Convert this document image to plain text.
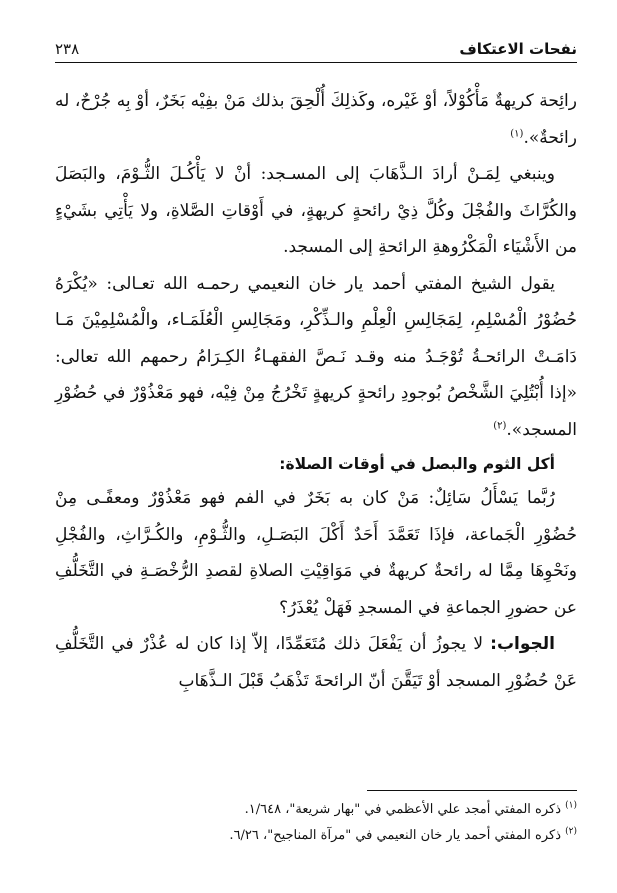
نفحات الاعتكاف
٢٣٨

رائِحة كريهةٌ مَأْكُوْلاً، أوْ غَيْره، وكَذلِكَ أُلْحِقَ بذلك مَنْ بفِيْه بَخَرٌ، أوْ بِه جُرْحٌ، له رائحةٌ».$^{(١)}$

وينبغي لِمَـنْ أرادَ الـذَّهَابَ إلى المسـجد: أنْ لا يَأْكُـلَ الثُّـوْمَ، والبَصَلَ والكُرَّاثَ والفُجْلَ وكُلَّ ذِيْ رائحةٍ كريهةٍ، في أَوْقاتِ الصَّلاةِ، ولا يَأْتِي بشَيْءٍ من الأَشْيَاء الْمَكْرُوهةِ الرائحةِ إلى المسجد.

يقول الشيخ المفتي أحمد يار خان النعيمي رحمـه الله تعـالى: «يُكْرَهُ حُضُوْرُ الْمُسْلِمِ، لِمَجَالِسِ الْعِلْمِ والـذِّكْرِ، ومَجَالِسِ الْعُلَمَـاء، والْمُسْلِمِيْنَ مَـا دَامَـتْ الرائحـةُ تُوْجَـدُ منه وقـد نَـصَّ الفقهـاءُ الكِـرَامُ رحمهم الله تعالى: «إذا أُبْتُلِيَ الشَّخْصُ بُوجودِ رائحةٍ كريهةٍ تَخْرُجُ مِنْ فِيْه، فهو مَعْذُوْرٌ في حُضُوْرِ المسجد».$^{(٢)}$

أكل الثوم والبصل في أوقات الصلاة:

رُبَّما يَسْأَلُ سَائِلٌ: مَنْ كان به بَخَرٌ في الفم فهو مَعْذُوْرٌ ومعفًـى مِنْ حُضُوْرِ الْجَماعة، فإذَا تَعَمَّدَ أَحَدٌ أَكْلَ البَصَـلِ، والثُّـوْمِ، والكُـرَّاثِ، والفُجْلِ ونَحْوِهَا مِمَّا له رائحةٌ كريهةٌ في مَوَاقِيْتِ الصلاةِ لقصدِ الرُّخْصَـةِ في التَّخَلُّفِ عن حضورِ الجماعةِ في المسجدِ فَهَلْ يُعْذَرُ؟

الجواب: لا يجوزُ أن يَفْعَلَ ذلك مُتَعَمِّدًا، إلاّ إذا كان له عُذْرٌ في التَّخَلُّفِ عَنْ حُضُوْرِ المسجد أوْ تَيَقَّنَ أنّ الرائحةَ تَذْهَبُ قَبْلَ الـذَّهَابِ

$^{(١)}$ ذكره المفتي أمجد علي الأعظمي في "بهار شريعة"، ١/٦٤٨.

$^{(٢)}$ ذكره المفتي أحمد يار خان النعيمي في "مرآة المناجيح"، ٦/٢٦.
